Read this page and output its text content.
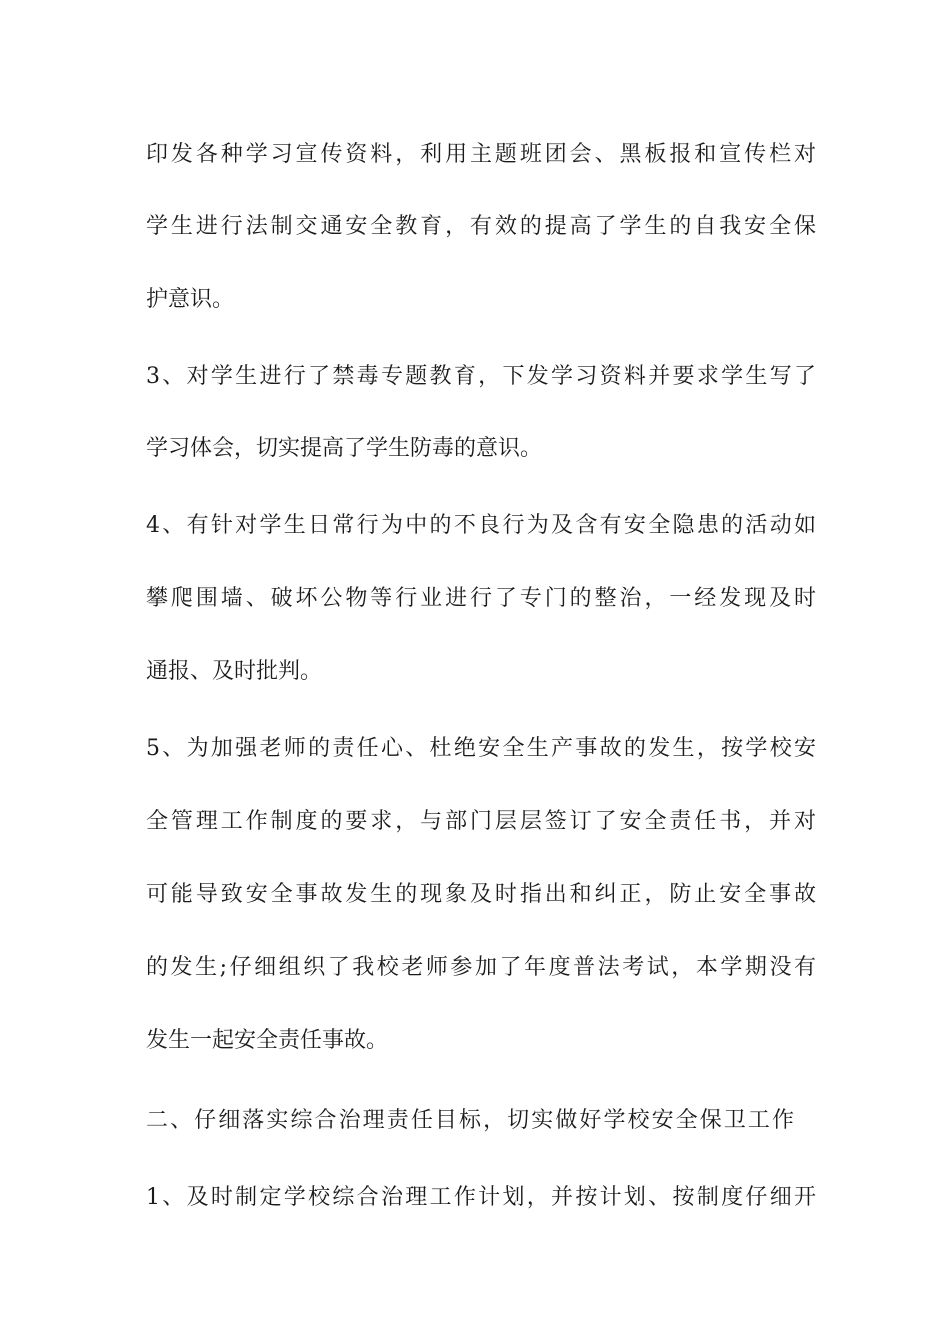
印发各种学习宣传资料，利用主题班团会、黑板报和宣传栏对
学生进行法制交通安全教育，有效的提高了学生的自我安全保
护意识。
3、对学生进行了禁毒专题教育，下发学习资料并要求学生写了
学习体会，切实提高了学生防毒的意识。
4、有针对学生日常行为中的不良行为及含有安全隐患的活动如
攀爬围墙、破坏公物等行业进行了专门的整治，一经发现及时
通报、及时批判。
5、为加强老师的责任心、杜绝安全生产事故的发生，按学校安
全管理工作制度的要求，与部门层层签订了安全责任书，并对
可能导致安全事故发生的现象及时指出和纠正，防止安全事故
的发生;仔细组织了我校老师参加了年度普法考试，本学期没有
发生一起安全责任事故。
二、仔细落实综合治理责任目标，切实做好学校安全保卫工作
1、及时制定学校综合治理工作计划，并按计划、按制度仔细开
